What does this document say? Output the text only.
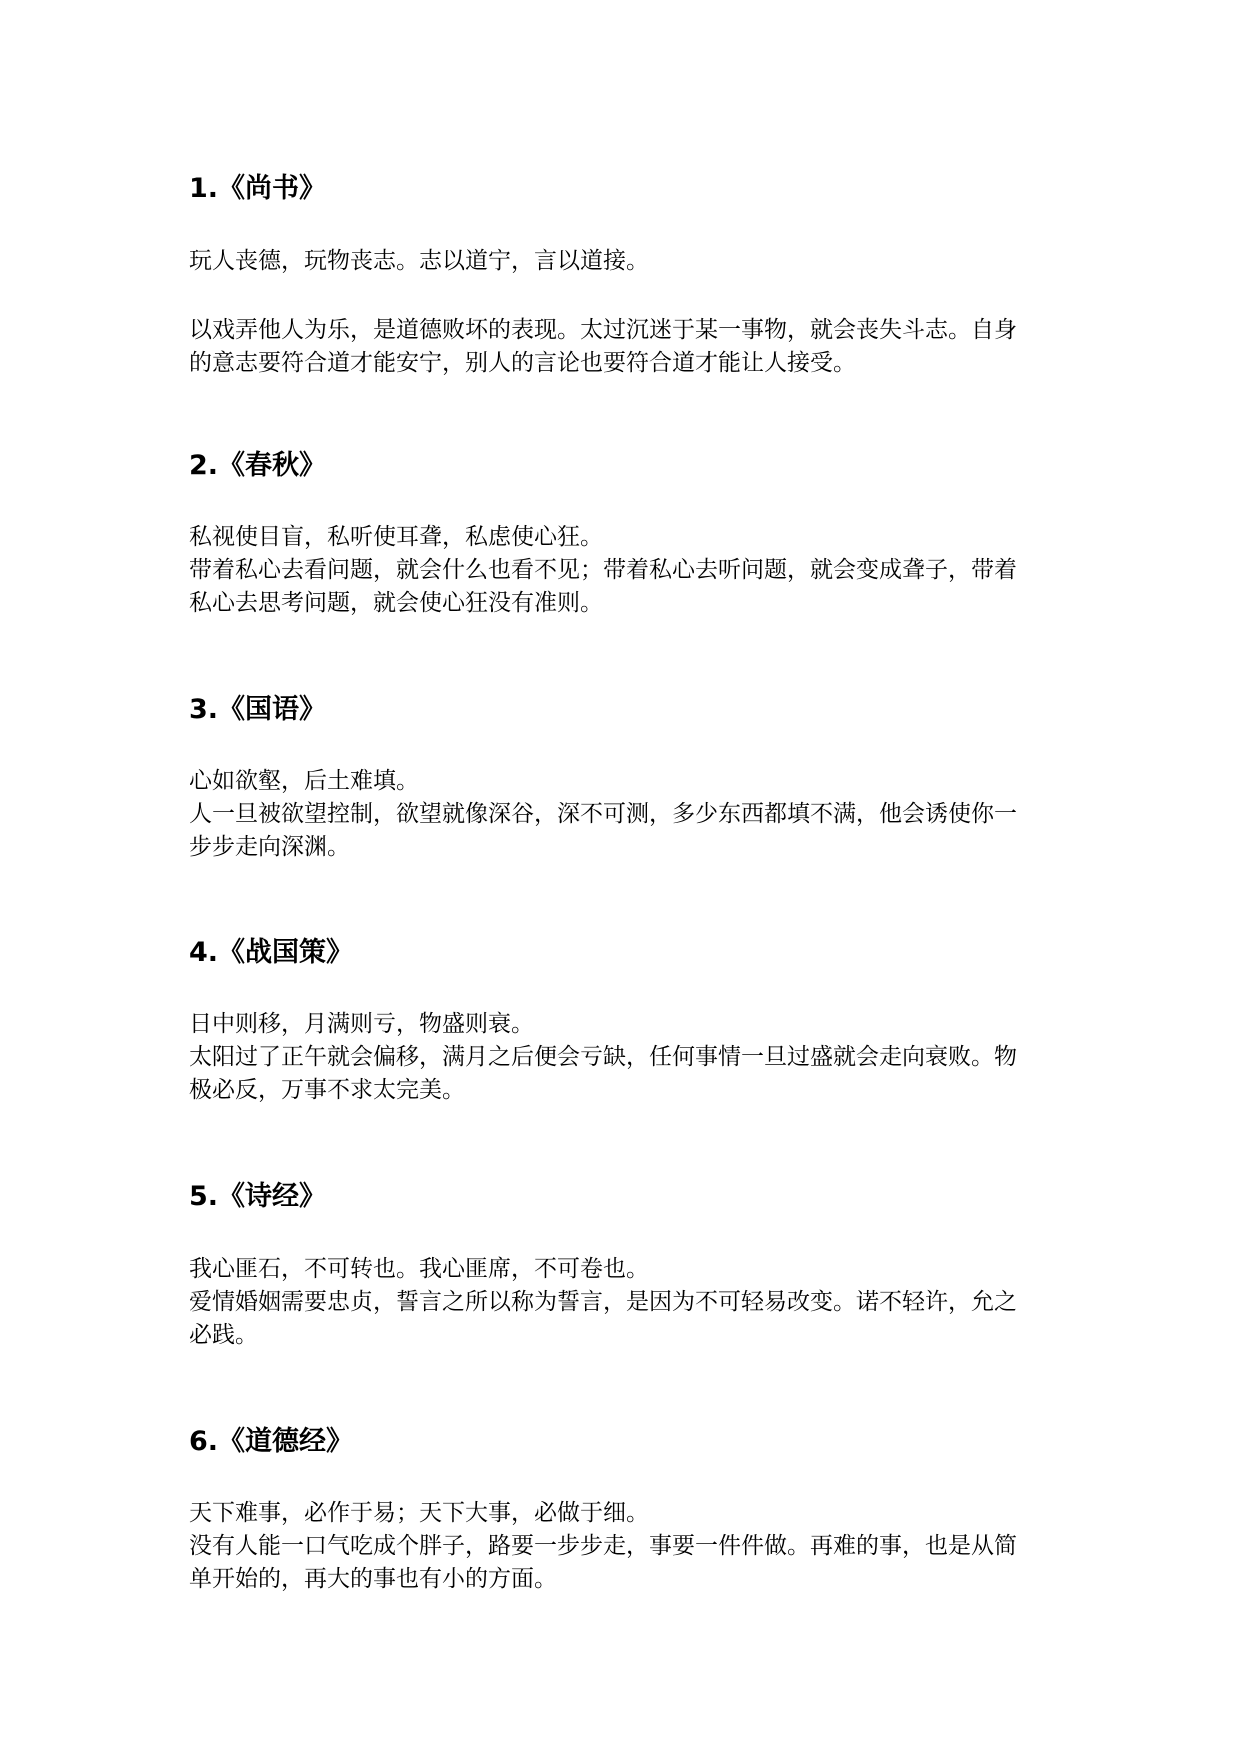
1.《尚书》
玩人丧德，玩物丧志。志以道宁，言以道接。
以戏弄他人为乐，是道德败坏的表现。太过沉迷于某一事物，就会丧失斗志。自身
的意志要符合道才能安宁，别人的言论也要符合道才能让人接受。
2.《春秋》
私视使目盲，私听使耳聋，私虑使心狂。
带着私心去看问题，就会什么也看不见；带着私心去听问题，就会变成聋子，带着
私心去思考问题，就会使心狂没有准则。
3.《国语》
心如欲壑，后土难填。
人一旦被欲望控制，欲望就像深谷，深不可测，多少东西都填不满，他会诱使你一
步步走向深渊。
4.《战国策》
日中则移，月满则亏，物盛则衰。
太阳过了正午就会偏移，满月之后便会亏缺，任何事情一旦过盛就会走向衰败。物
极必反，万事不求太完美。
5.《诗经》
我心匪石，不可转也。我心匪席，不可卷也。
爱情婚姻需要忠贞，誓言之所以称为誓言，是因为不可轻易改变。诺不轻许，允之
必践。
6.《道德经》
天下难事，必作于易；天下大事，必做于细。
没有人能一口气吃成个胖子，路要一步步走，事要一件件做。再难的事，也是从简
单开始的，再大的事也有小的方面。
